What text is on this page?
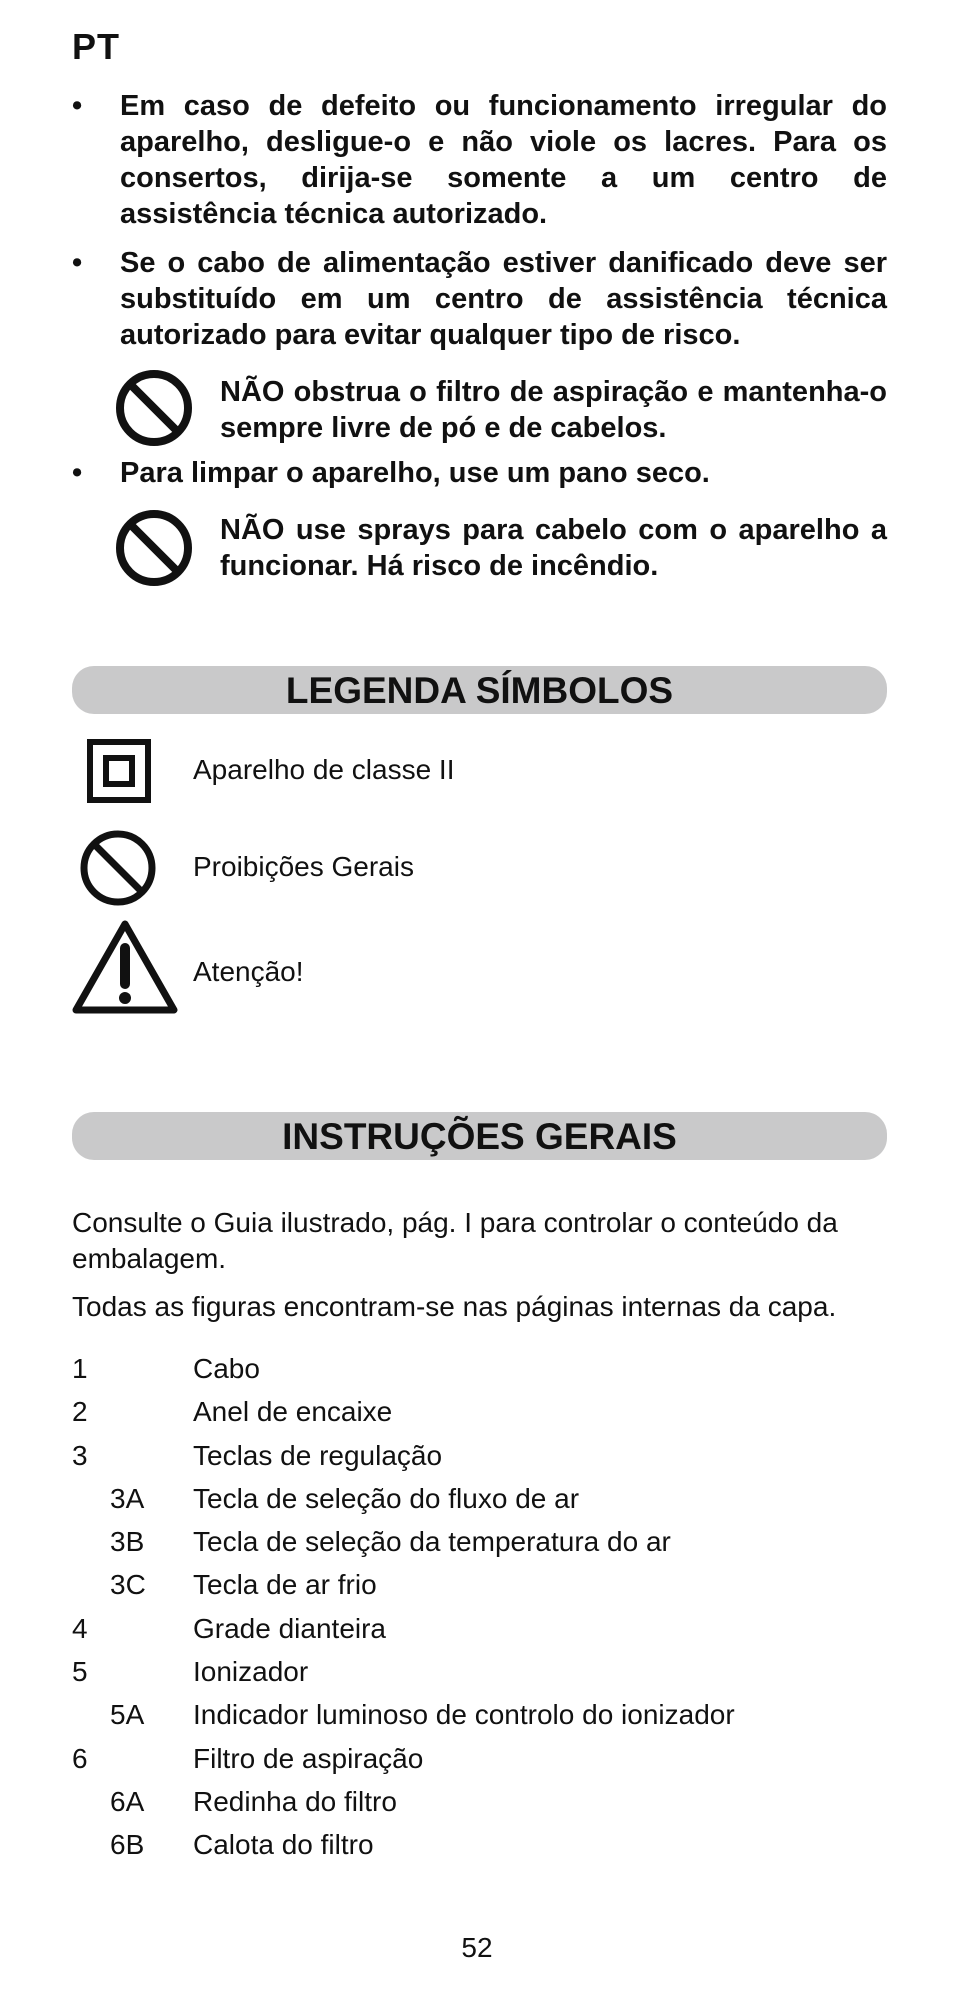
PT
•	Em caso de defeito ou funcionamento irregular do aparelho, desligue-o e não viole os lacres. Para os consertos, dirija-se somente a um centro de assistência técnica autorizado.
•	Se o cabo de alimentação estiver danificado deve ser substituído em um centro de assistência técnica autorizado para evitar qualquer tipo de risco.
NÃO obstrua o filtro de aspiração e mantenha-o sempre livre de pó e de cabelos.
•	Para limpar o aparelho, use um pano seco.
NÃO use sprays para cabelo com o aparelho a funcionar. Há risco de incêndio.
LEGENDA SÍMBOLOS
Aparelho de classe II
Proibições Gerais
Atenção!
INSTRUÇÕES GERAIS
Consulte o Guia ilustrado, pág. I para controlar o conteúdo da embalagem.
Todas as figuras encontram-se nas páginas internas da capa.
1	Cabo
2	Anel de encaixe
3	Teclas de regulação
3A Tecla de seleção do fluxo de ar
3B Tecla de seleção da temperatura do ar
3C Tecla de ar frio
4	Grade dianteira
5	Ionizador
5A Indicador luminoso de controlo do ionizador
6	Filtro de aspiração
6A Redinha do filtro
6B Calota do filtro
52
